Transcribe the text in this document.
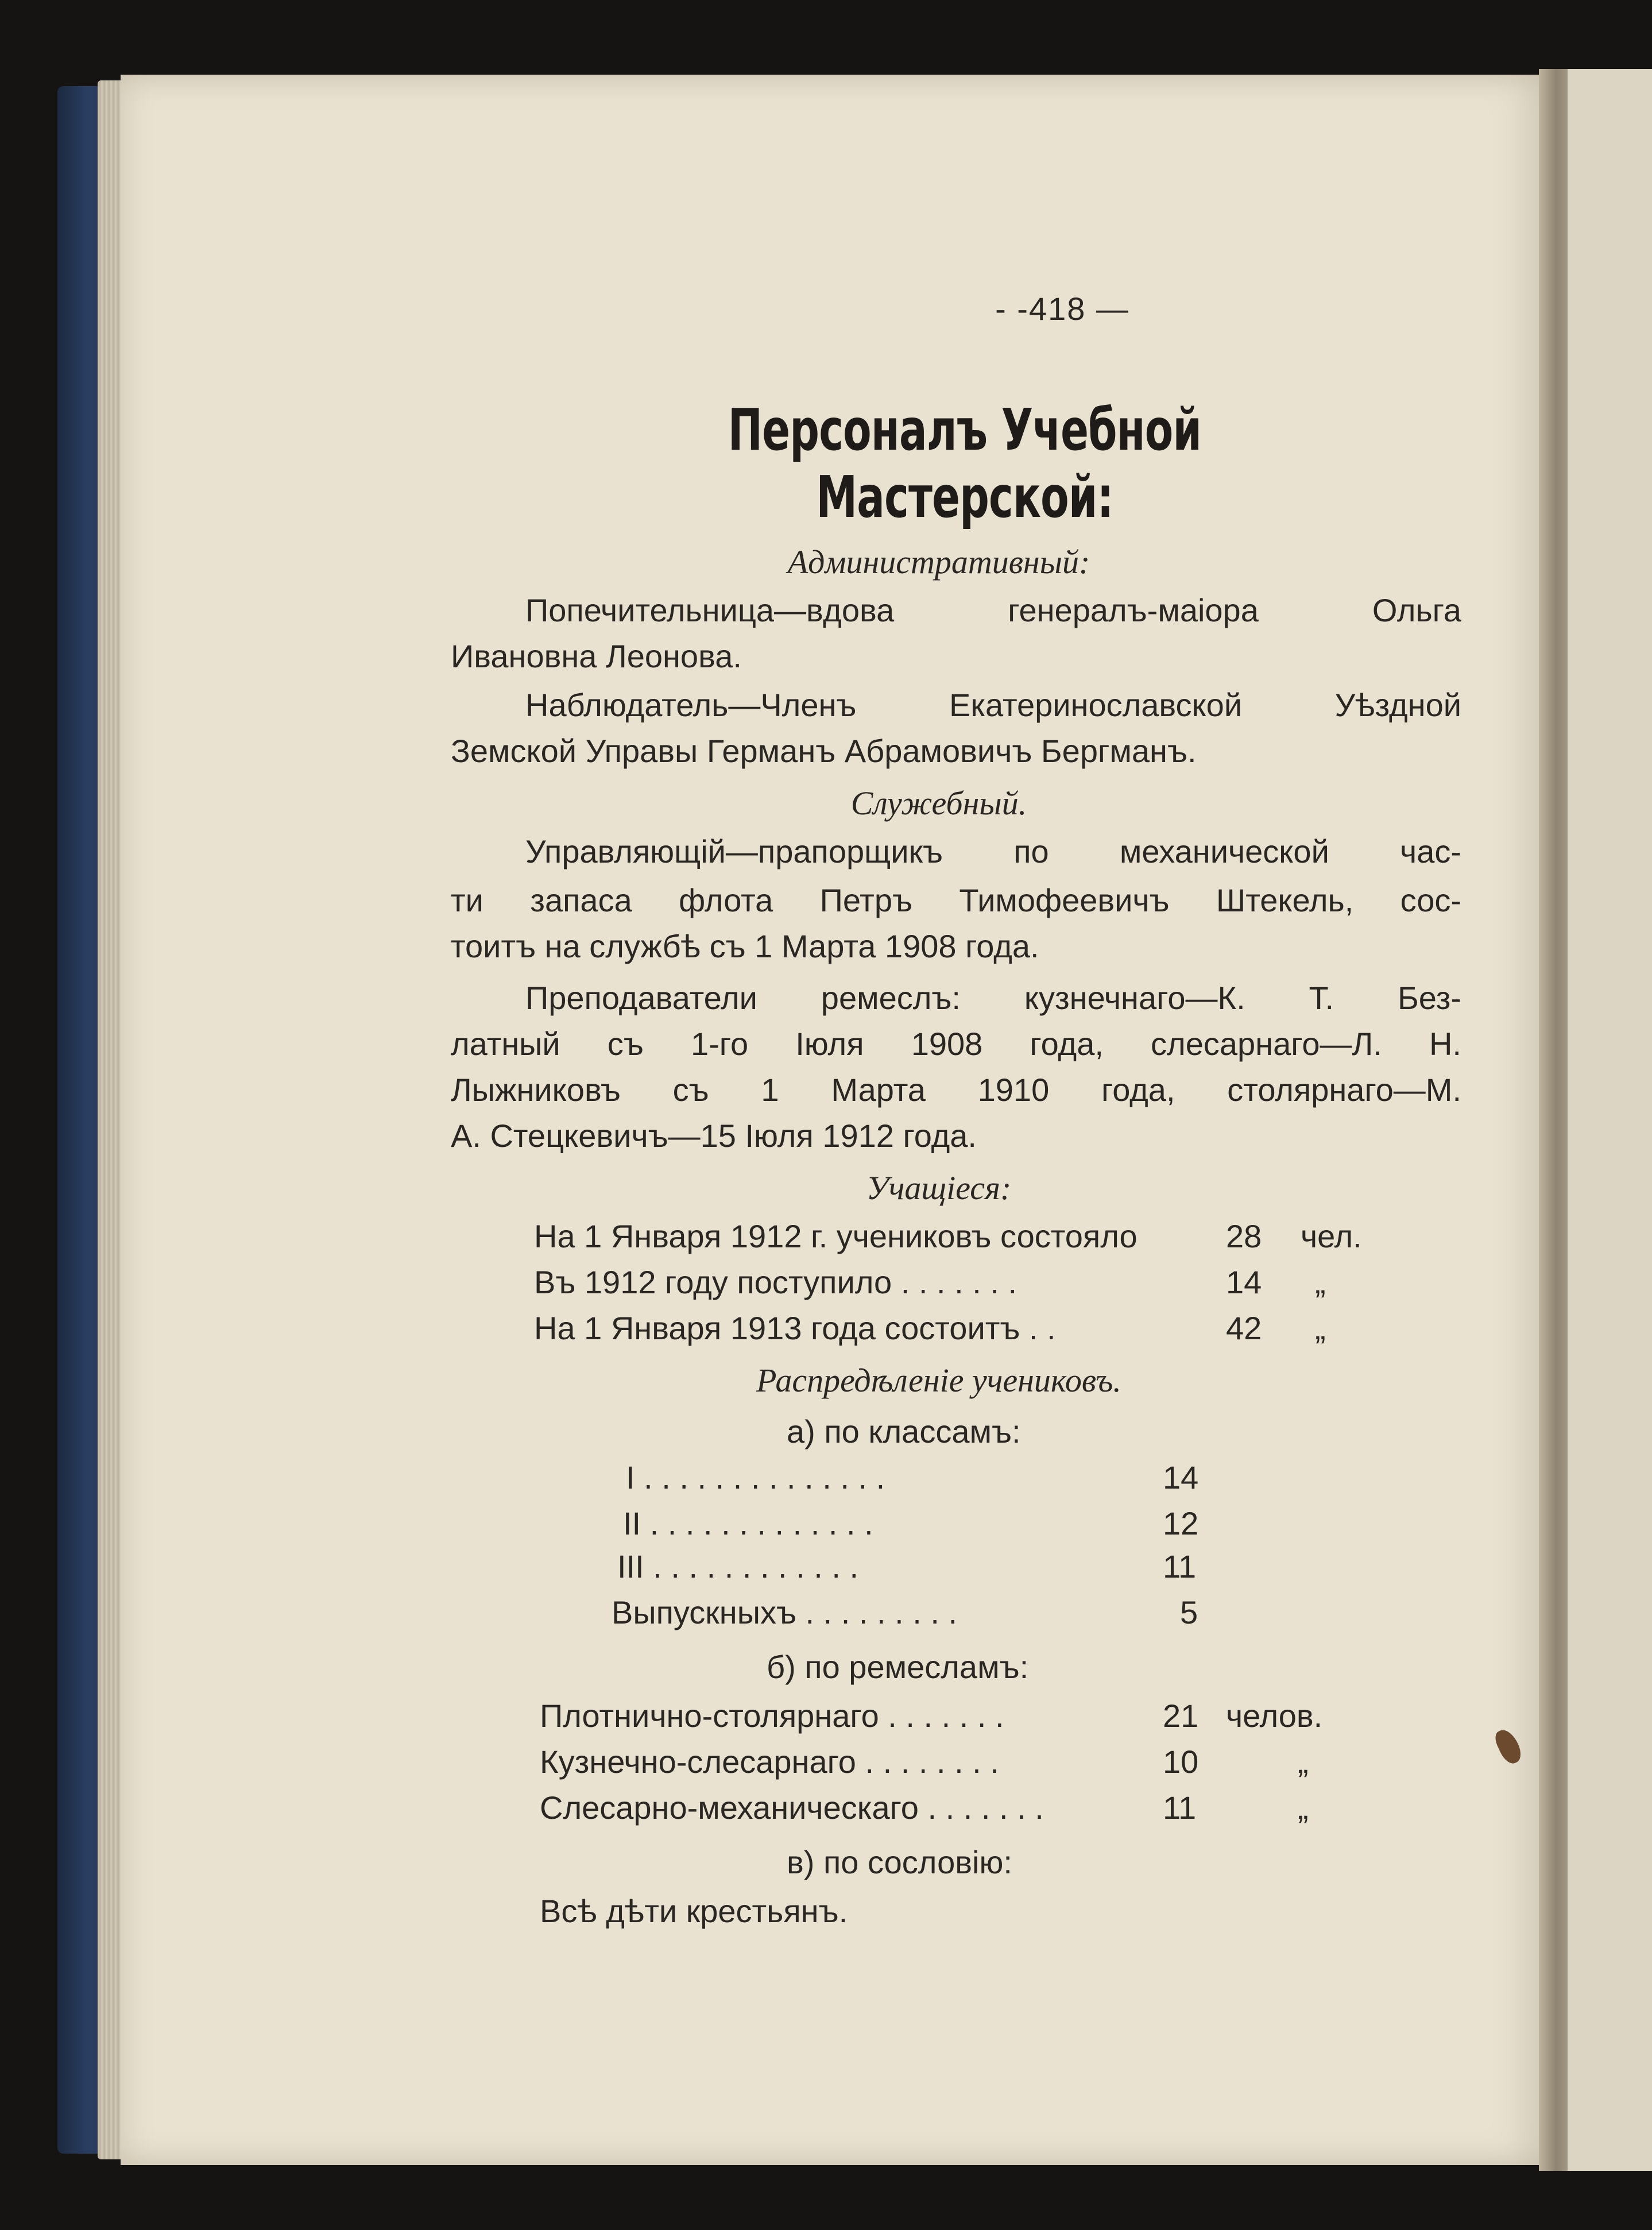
- -418 —
Персоналъ Учебной Мастерской:
Административный:
Попечительница—вдова генералъ-маіора Ольга
Ивановна Леонова.
Наблюдатель—Членъ Екатеринославской Уѣздной
Земской Управы Германъ Абрамовичъ Бергманъ.
Служебный.
Управляющій—прапорщикъ по механической час-
ти запаса флота Петръ Тимофеевичъ Штекель, сос-
тоитъ на службѣ съ 1 Марта 1908 года.
Преподаватели ремеслъ: кузнечнаго—К. Т. Без-
латный съ 1-го Іюля 1908 года, слесарнаго—Л. Н.
Лыжниковъ съ 1 Марта 1910 года, столярнаго—М.
А. Стецкевичъ—15 Іюля 1912 года.
Учащіеся:
На 1 Января 1912 г. учениковъ состояло	28 чел.
Въ 1912 году поступило . . . . . . .	14 „
На 1 Января 1913 года состоитъ . .	42 „
Распредѣленіе учениковъ.
а) по классамъ:
I . . . . . . . . . . . . . .	14
II . . . . . . . . . . . . .	12
III . . . . . . . . . . . .	11
Выпускныхъ . . . . . . . . .	5
б) по ремесламъ:
Плотнично-столярнаго . . . . . . .	21 челов.
Кузнечно-слесарнаго . . . . . . . .	10	„
Слесарно-механическаго . . . . . . .	11	„
в) по сословію:
Всѣ дѣти крестьянъ.
